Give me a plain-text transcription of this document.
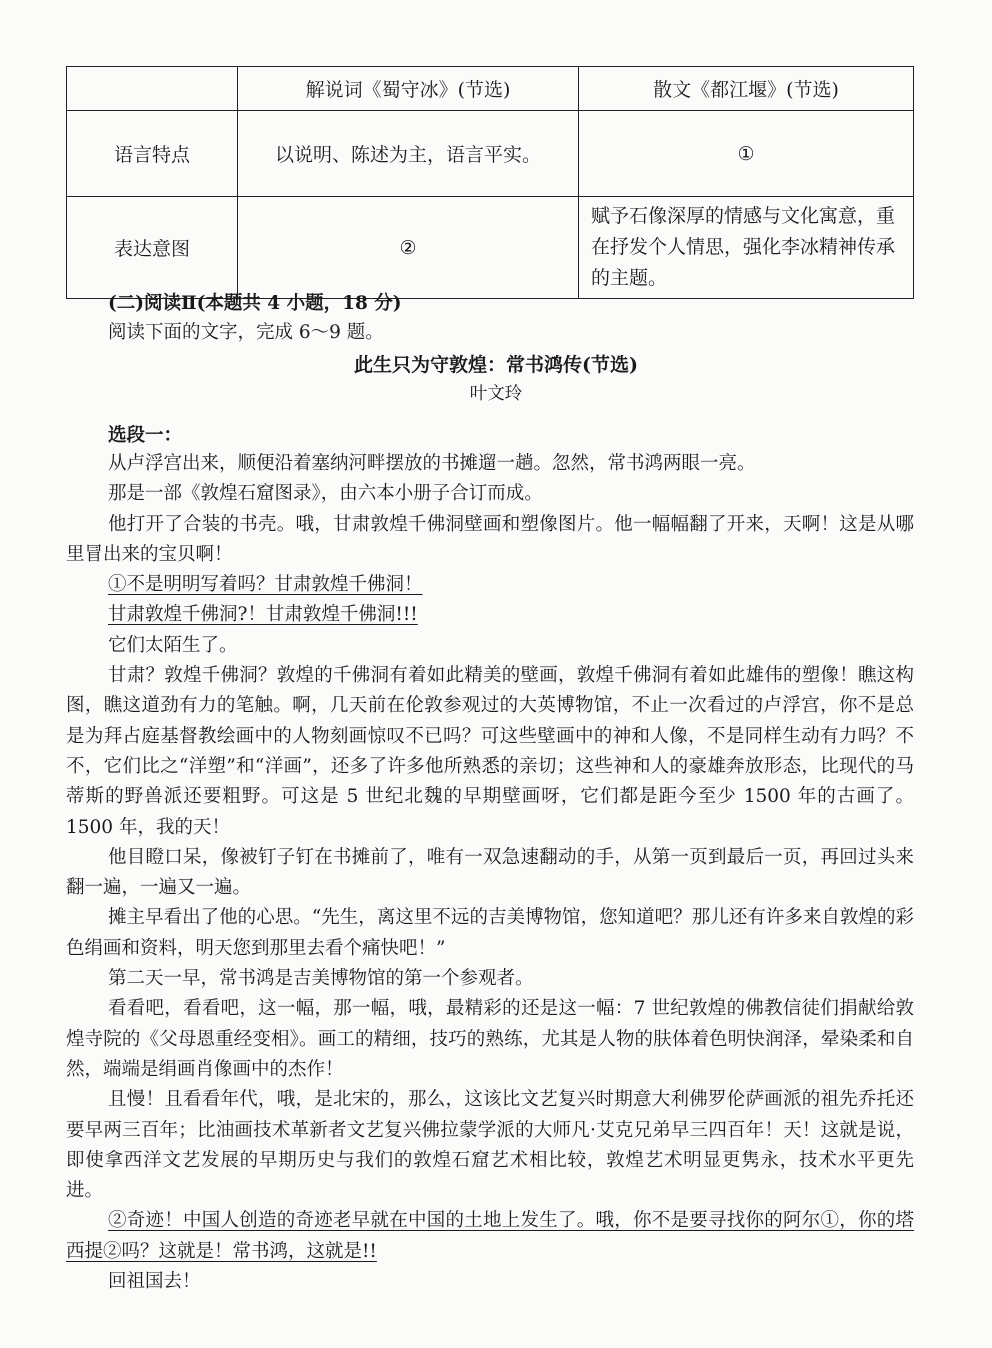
	解说词《蜀守冰》(节选)	散文《都江堰》(节选)
语言特点	以说明、陈述为主，语言平实。	①
表达意图	②	赋予石像深厚的情感与文化寓意，重在抒发个人情思，强化李冰精神传承的主题。
(二)阅读Ⅱ(本题共 4 小题，18 分)
阅读下面的文字，完成 6～9 题。
此生只为守敦煌：常书鸿传(节选)
叶文玲
选段一：

从卢浮宫出来，顺便沿着塞纳河畔摆放的书摊遛一趟。忽然，常书鸿两眼一亮。

那是一部《敦煌石窟图录》，由六本小册子合订而成。

他打开了合装的书壳。哦，甘肃敦煌千佛洞壁画和塑像图片。他一幅幅翻了开来，天啊！这是从哪里冒出来的宝贝啊！

①不是明明写着吗？甘肃敦煌千佛洞！

甘肃敦煌千佛洞?！甘肃敦煌千佛洞!!!

它们太陌生了。

甘肃？敦煌千佛洞？敦煌的千佛洞有着如此精美的壁画，敦煌千佛洞有着如此雄伟的塑像！瞧这构图，瞧这道劲有力的笔触。啊，几天前在伦敦参观过的大英博物馆，不止一次看过的卢浮宫，你不是总是为拜占庭基督教绘画中的人物刻画惊叹不已吗？可这些壁画中的神和人像，不是同样生动有力吗？不不，它们比之“洋塑”和“洋画”，还多了许多他所熟悉的亲切；这些神和人的豪雄奔放形态，比现代的马蒂斯的野兽派还要粗野。可这是 5 世纪北魏的早期壁画呀，它们都是距今至少 1500 年的古画了。1500 年，我的天！

他目瞪口呆，像被钉子钉在书摊前了，唯有一双急速翻动的手，从第一页到最后一页，再回过头来翻一遍，一遍又一遍。

摊主早看出了他的心思。“先生，离这里不远的吉美博物馆，您知道吧？那儿还有许多来自敦煌的彩色绢画和资料，明天您到那里去看个痛快吧！”

第二天一早，常书鸿是吉美博物馆的第一个参观者。

看看吧，看看吧，这一幅，那一幅，哦，最精彩的还是这一幅：7 世纪敦煌的佛教信徒们捐献给敦煌寺院的《父母恩重经变相》。画工的精细，技巧的熟练，尤其是人物的肤体着色明快润泽，晕染柔和自然，端端是绢画肖像画中的杰作！

且慢！且看看年代，哦，是北宋的，那么，这该比文艺复兴时期意大利佛罗伦萨画派的祖先乔托还要早两三百年；比油画技术革新者文艺复兴佛拉蒙学派的大师凡·艾克兄弟早三四百年！天！这就是说，即使拿西洋文艺发展的早期历史与我们的敦煌石窟艺术相比较，敦煌艺术明显更隽永，技术水平更先进。

②奇迹！中国人创造的奇迹老早就在中国的土地上发生了。哦，你不是要寻找你的阿尔①，你的塔西提②吗？这就是！常书鸿，这就是!!

回祖国去！
